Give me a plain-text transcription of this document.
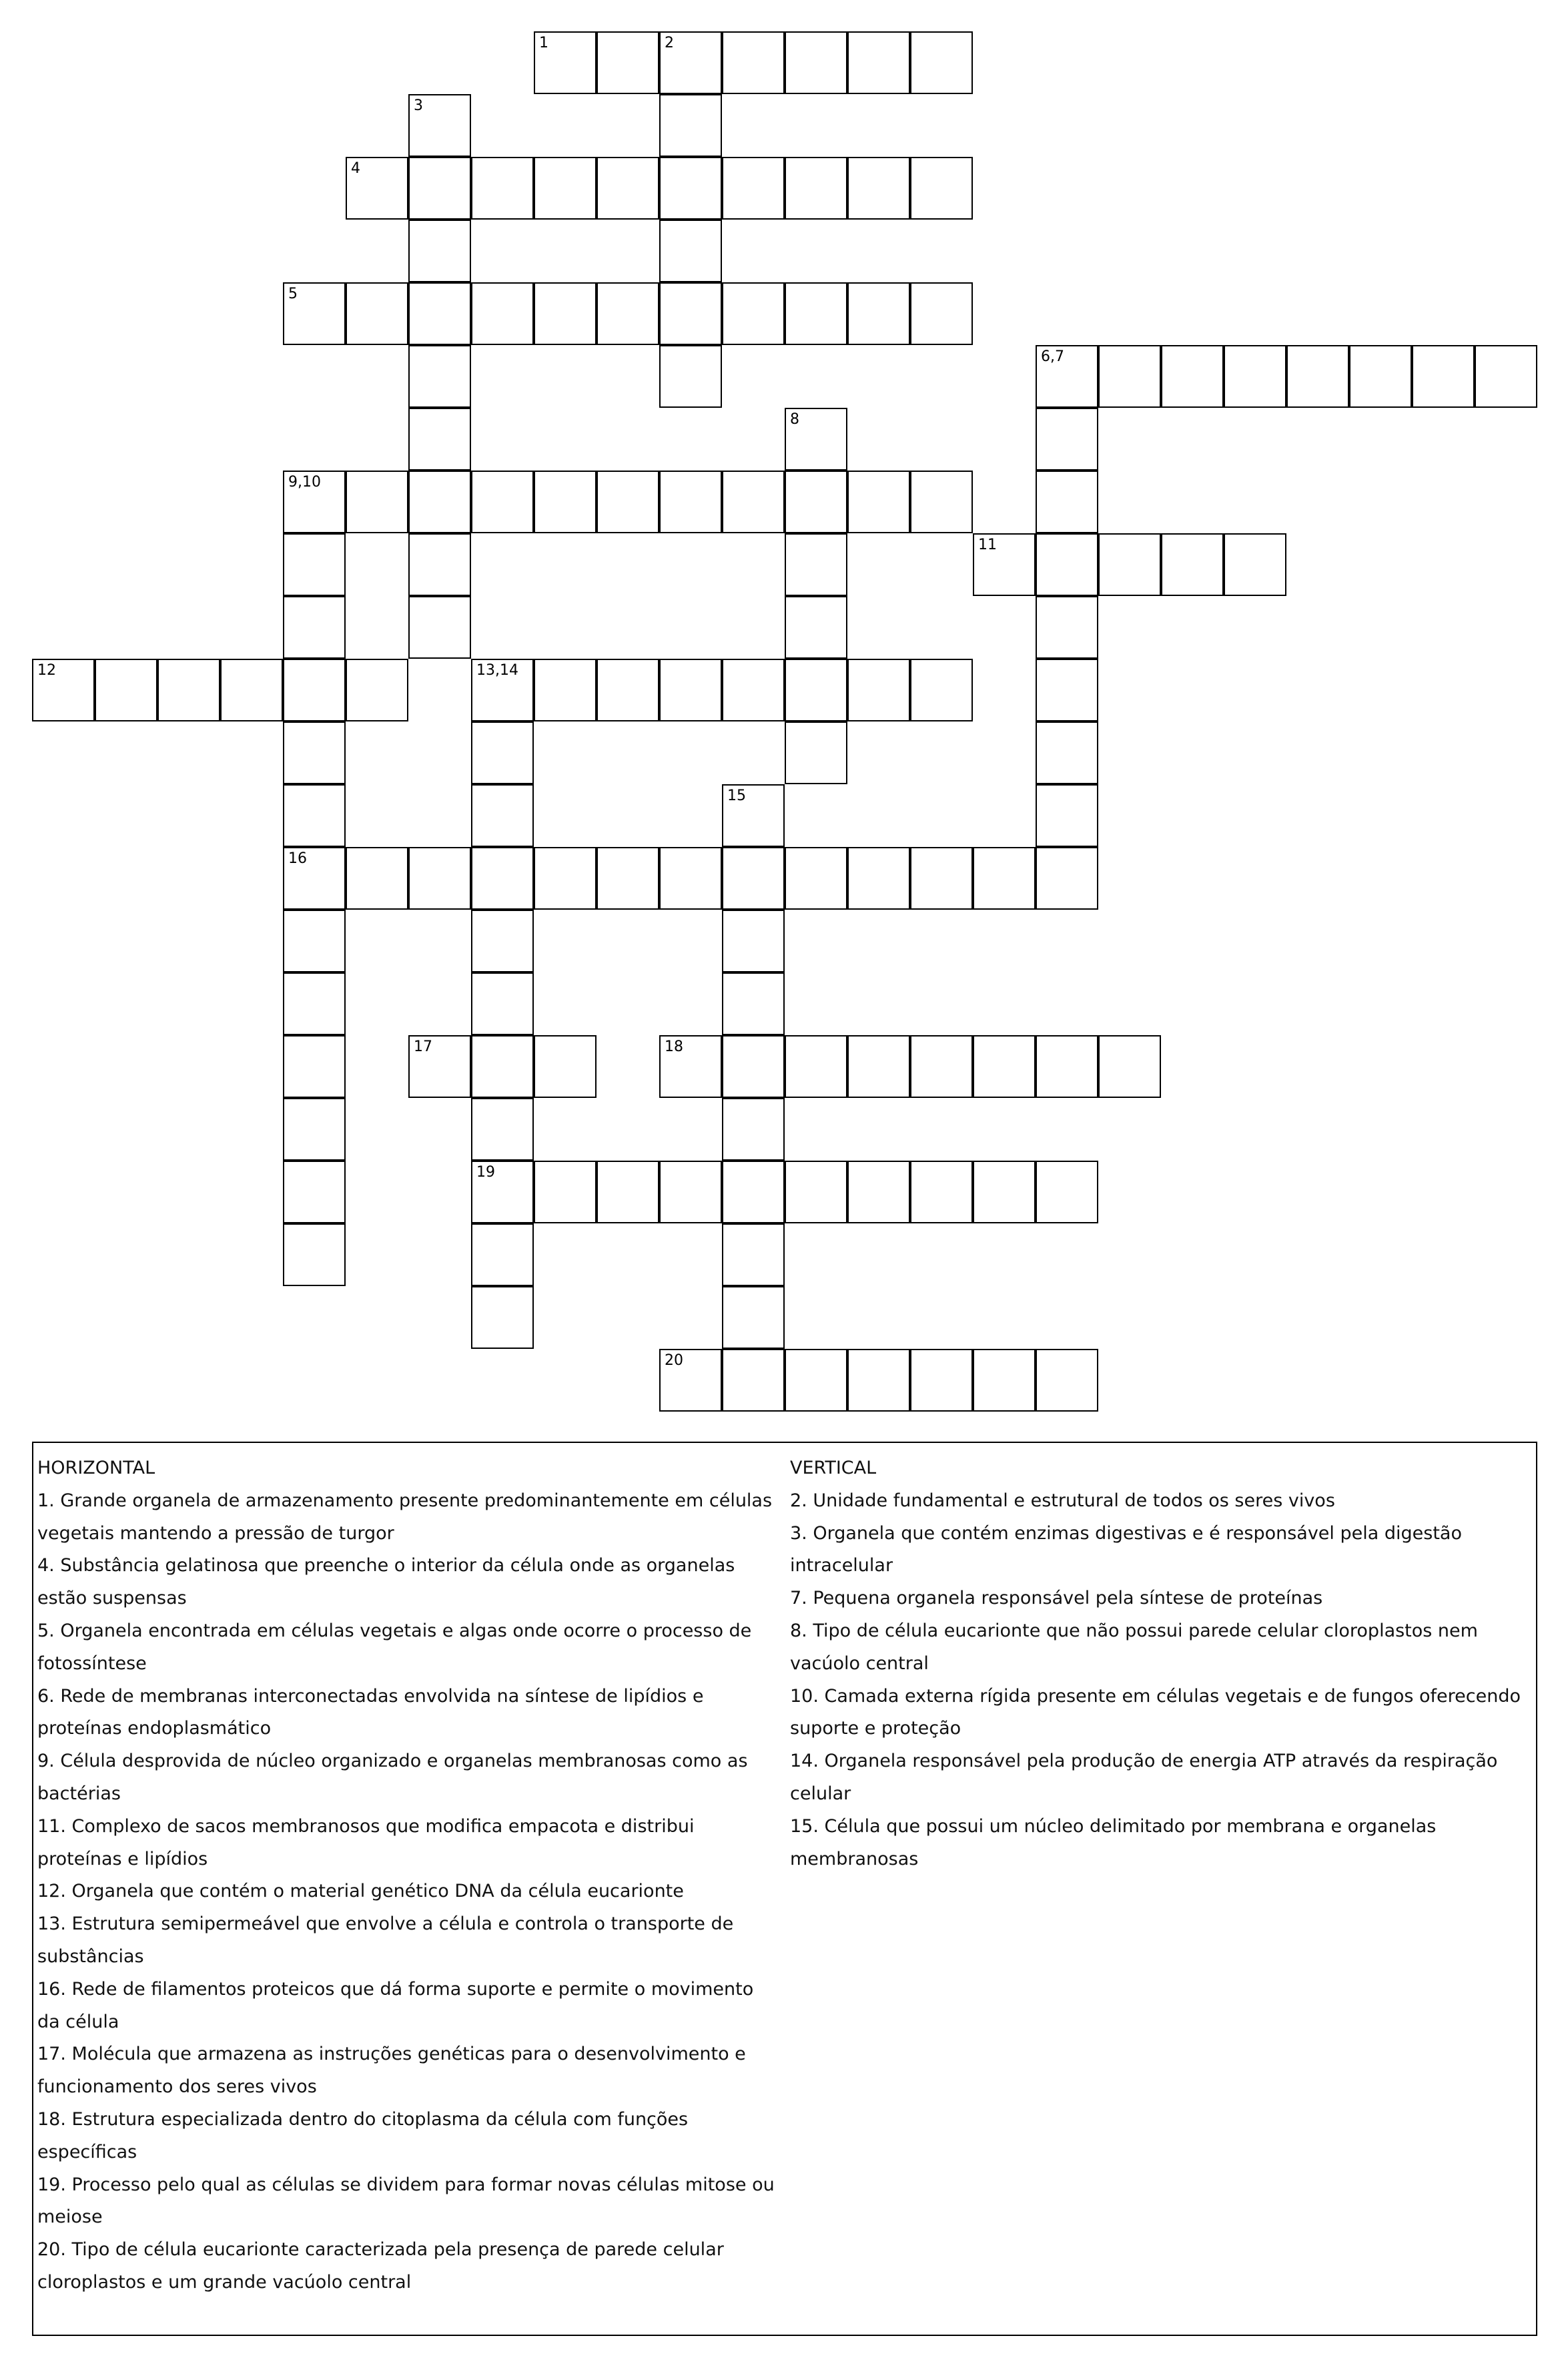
1	2
3
4
5
6,7
8
9,10
11
12	13,14
15
16
17	18
19
20

HORIZONTAL

1. Grande organela de armazenamento presente predominantemente em células vegetais mantendo a pressão de turgor

4. Substância gelatinosa que preenche o interior da célula onde as organelas estão suspensas

5. Organela encontrada em células vegetais e algas onde ocorre o processo de fotossíntese

6. Rede de membranas interconectadas envolvida na síntese de lipídios e proteínas endoplasmático

9. Célula desprovida de núcleo organizado e organelas membranosas como as bactérias

11. Complexo de sacos membranosos que modifica empacota e distribui proteínas e lipídios

12. Organela que contém o material genético DNA da célula eucarionte

13. Estrutura semipermeável que envolve a célula e controla o transporte de substâncias

16. Rede de filamentos proteicos que dá forma suporte e permite o movimento da célula

17. Molécula que armazena as instruções genéticas para o desenvolvimento e funcionamento dos seres vivos

18. Estrutura especializada dentro do citoplasma da célula com funções específicas

19. Processo pelo qual as células se dividem para formar novas células mitose ou meiose

20. Tipo de célula eucarionte caracterizada pela presença de parede celular cloroplastos e um grande vacúolo central

VERTICAL

2. Unidade fundamental e estrutural de todos os seres vivos

3. Organela que contém enzimas digestivas e é responsável pela digestão intracelular

7. Pequena organela responsável pela síntese de proteínas

8. Tipo de célula eucarionte que não possui parede celular cloroplastos nem vacúolo central

10. Camada externa rígida presente em células vegetais e de fungos oferecendo suporte e proteção

14. Organela responsável pela produção de energia ATP através da respiração celular

15. Célula que possui um núcleo delimitado por membrana e organelas membranosas
